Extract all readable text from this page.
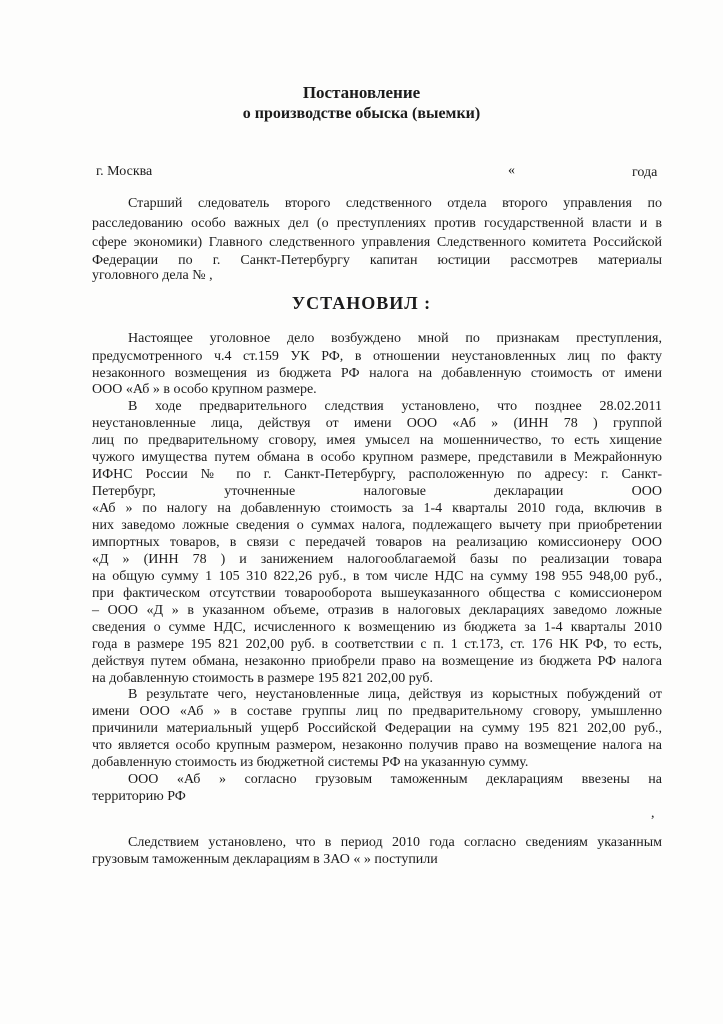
Постановление
о производстве обыска (выемки)
г. Москва	«	года
Старший следователь второго следственного отдела второго управления по
расследованию особо важных дел (о преступлениях против государственной власти и в
сфере экономики) Главного следственного управления Следственного комитета Российской
Федерации по г. Санкт-Петербургу капитан юстиции рассмотрев материалы
уголовного дела № ,
УСТАНОВИЛ :
Настоящее уголовное дело возбуждено мной по признакам преступления,
предусмотренного ч.4 ст.159 УК РФ, в отношении неустановленных лиц по факту
незаконного возмещения из бюджета РФ налога на добавленную стоимость от имени
ООО «Аб » в особо крупном размере.
В ходе предварительного следствия установлено, что позднее 28.02.2011
неустановленные лица, действуя от имени ООО «Аб » (ИНН 78 ) группой
лиц по предварительному сговору, имея умысел на мошенничество, то есть хищение
чужого имущества путем обмана в особо крупном размере, представили в Межрайонную
ИФНС России № по г. Санкт-Петербургу, расположенную по адресу: г. Санкт-
Петербург, уточненные налоговые декларации ООО
«Аб » по налогу на добавленную стоимость за 1-4 кварталы 2010 года, включив в
них заведомо ложные сведения о суммах налога, подлежащего вычету при приобретении
импортных товаров, в связи с передачей товаров на реализацию комиссионеру ООО
«Д » (ИНН 78 ) и занижением налогооблагаемой базы по реализации товара
на общую сумму 1 105 310 822,26 руб., в том числе НДС на сумму 198 955 948,00 руб.,
при фактическом отсутствии товарооборота вышеуказанного общества с комиссионером
– ООО «Д » в указанном объеме, отразив в налоговых декларациях заведомо ложные
сведения о сумме НДС, исчисленного к возмещению из бюджета за 1-4 кварталы 2010
года в размере 195 821 202,00 руб. в соответствии с п. 1 ст.173, ст. 176 НК РФ, то есть,
действуя путем обмана, незаконно приобрели право на возмещение из бюджета РФ налога
на добавленную стоимость в размере 195 821 202,00 руб.
В результате чего, неустановленные лица, действуя из корыстных побуждений от
имени ООО «Аб » в составе группы лиц по предварительному сговору, умышленно
причинили материальный ущерб Российской Федерации на сумму 195 821 202,00 руб.,
что является особо крупным размером, незаконно получив право на возмещение налога на
добавленную стоимость из бюджетной системы РФ на указанную сумму.
ООО «Аб » согласно грузовым таможенным декларациям ввезены на
территорию РФ
,
Следствием установлено, что в период 2010 года согласно сведениям указанным
грузовым таможенным декларациям в ЗАО « » поступили
